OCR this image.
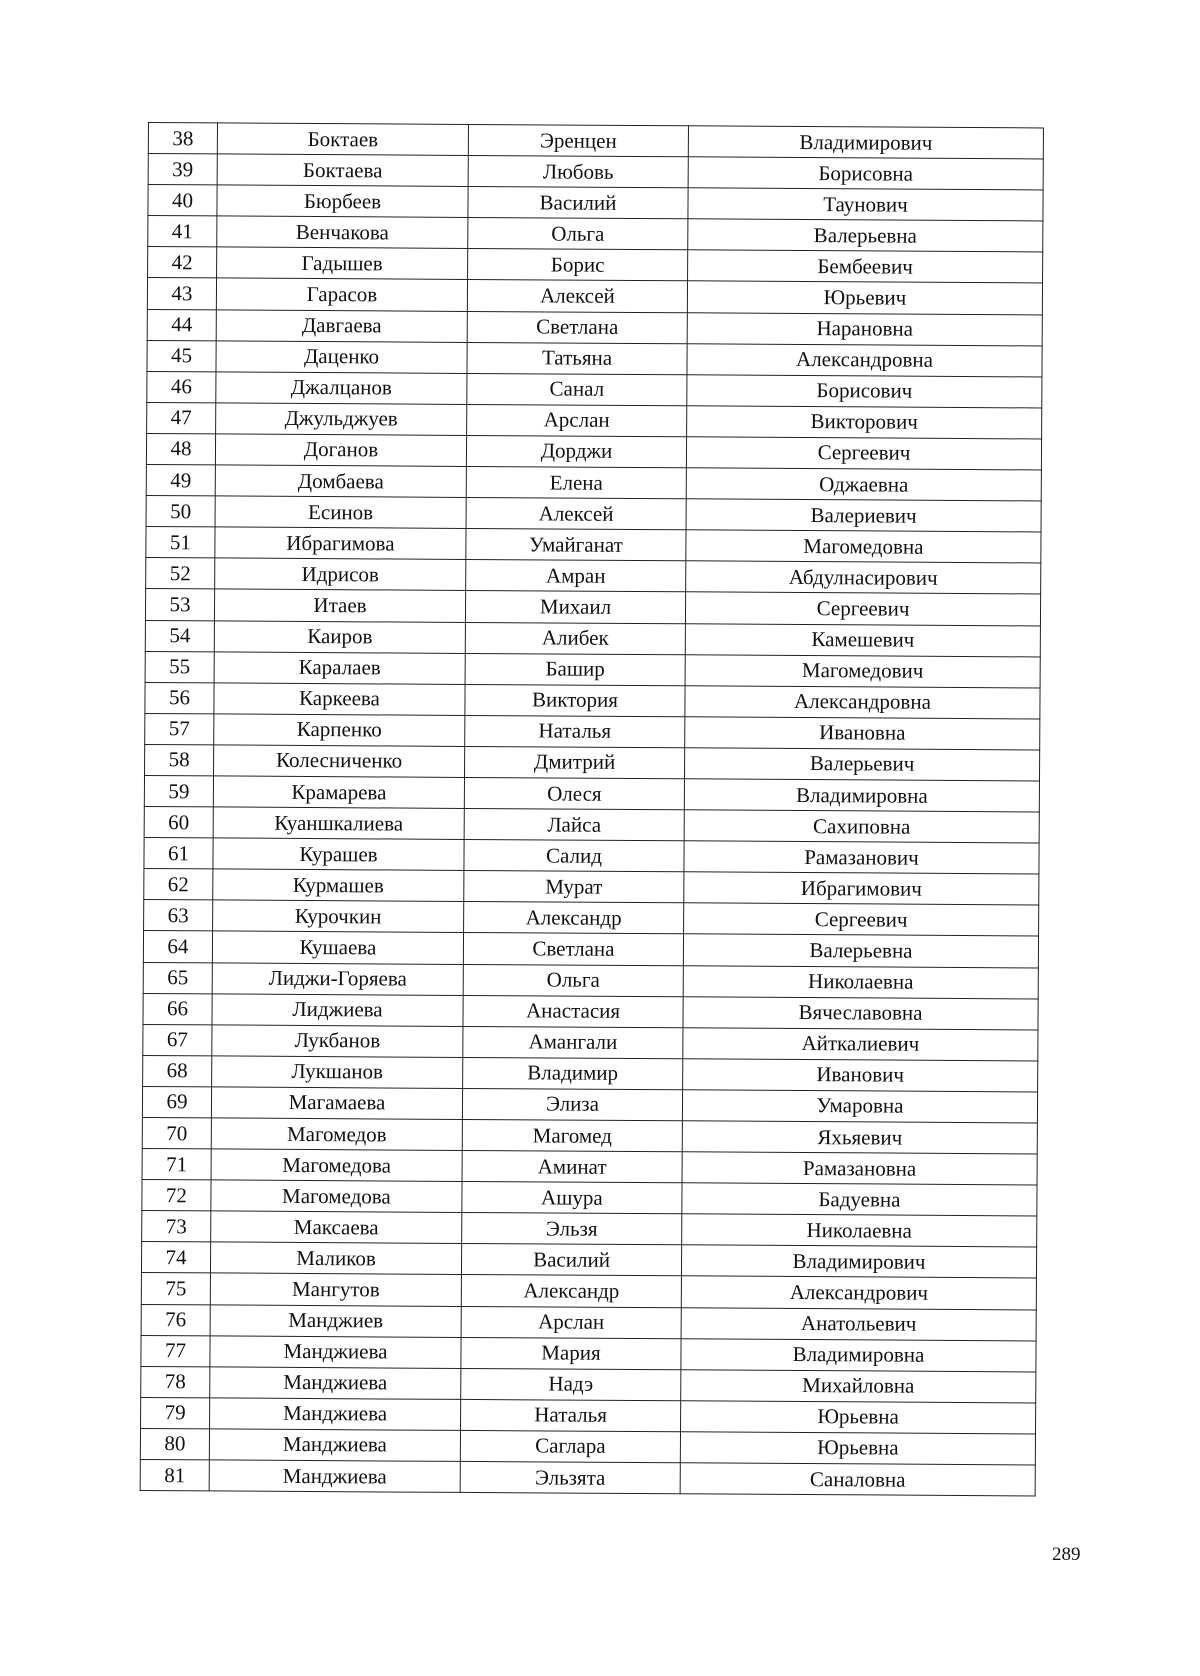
38	Боктаев	Эренцен	Владимирович
39	Боктаева	Любовь	Борисовна
40	Бюрбеев	Василий	Таунович
41	Венчакова	Ольга	Валерьевна
42	Гадышев	Борис	Бембеевич
43	Гарасов	Алексей	Юрьевич
44	Давгаева	Светлана	Нарановна
45	Даценко	Татьяна	Александровна
46	Джалцанов	Санал	Борисович
47	Джульджуев	Арслан	Викторович
48	Доганов	Дорджи	Сергеевич
49	Домбаева	Елена	Оджаевна
50	Есинов	Алексей	Валериевич
51	Ибрагимова	Умайганат	Магомедовна
52	Идрисов	Амран	Абдулнасирович
53	Итаев	Михаил	Сергеевич
54	Каиров	Алибек	Камешевич
55	Каралаев	Башир	Магомедович
56	Каркеева	Виктория	Александровна
57	Карпенко	Наталья	Ивановна
58	Колесниченко	Дмитрий	Валерьевич
59	Крамарева	Олеся	Владимировна
60	Куаншкалиева	Лайса	Сахиповна
61	Курашев	Салид	Рамазанович
62	Курмашев	Мурат	Ибрагимович
63	Курочкин	Александр	Сергеевич
64	Кушаева	Светлана	Валерьевна
65	Лиджи-Горяева	Ольга	Николаевна
66	Лиджиева	Анастасия	Вячеславовна
67	Лукбанов	Амангали	Айткалиевич
68	Лукшанов	Владимир	Иванович
69	Магамаева	Элиза	Умаровна
70	Магомедов	Магомед	Яхьяевич
71	Магомедова	Аминат	Рамазановна
72	Магомедова	Ашура	Бадуевна
73	Максаева	Эльзя	Николаевна
74	Маликов	Василий	Владимирович
75	Мангутов	Александр	Александрович
76	Манджиев	Арслан	Анатольевич
77	Манджиева	Мария	Владимировна
78	Манджиева	Надэ	Михайловна
79	Манджиева	Наталья	Юрьевна
80	Манджиева	Саглара	Юрьевна
81	Манджиева	Эльзята	Саналовна
289
